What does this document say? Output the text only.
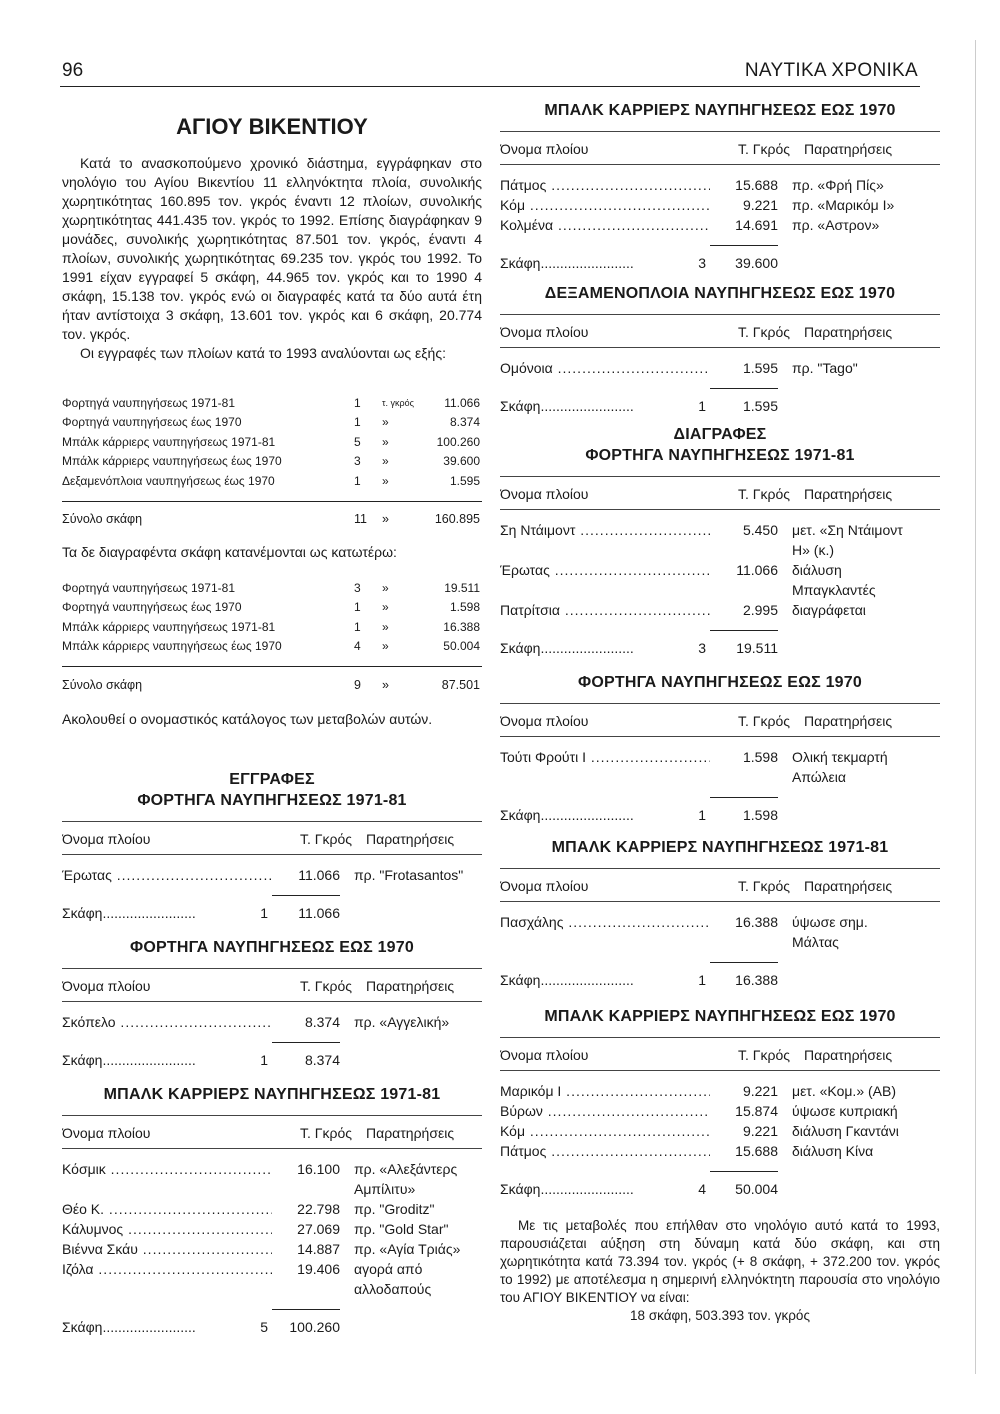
96	ΝΑΥΤΙΚΑ ΧΡΟΝΙΚΑ
ΑΓΙΟΥ ΒΙΚΕΝΤΙΟΥ

Κατά το ανασκοπούμενο χρονικό διάστημα, εγγράφηκαν στο νηολόγιο του Αγίου Βικεντίου 11 ελληνόκτητα πλοία, συνολικής χωρητικότητας 160.895 τον. γκρός έναντι 12 πλοίων, συνολικής χωρητικότητας 441.435 τον. γκρός το 1992. Επίσης διαγράφηκαν 9 μονάδες, συνολικής χωρητικότητας 87.501 τον. γκρός, έναντι 4 πλοίων, συνολικής χωρητικότητας 69.235 τον. γκρός του 1992. Το 1991 είχαν εγγραφεί 5 σκάφη, 44.965 τον. γκρός και το 1990 4 σκάφη, 15.138 τον. γκρός ενώ οι διαγραφές κατά τα δύο αυτά έτη ήταν αντίστοιχα 3 σκάφη, 13.601 τον. γκρός και 6 σκάφη, 20.774 τον. γκρός.

Οι εγγραφές των πλοίων κατά το 1993 αναλύονται ως εξής:

Φορτηγά ναυπηγήσεως 1971-81	1	τ. γκρός	11.066
Φορτηγά ναυπηγήσεως έως 1970	1	»	8.374
Μπάλκ κάρριερς ναυπηγήσεως 1971-81	5	»	100.260
Μπάλκ κάρριερς ναυπηγήσεως έως 1970	3	»	39.600
Δεξαμενόπλοια ναυπηγήσεως έως 1970	1	»	1.595
Σύνολο σκάφη	11	»	160.895

Τα δε διαγραφέντα σκάφη κατανέμονται ως κατωτέρω:

Φορτηγά ναυπηγήσεως 1971-81	3	»	19.511
Φορτηγά ναυπηγήσεως έως 1970	1	»	1.598
Μπάλκ κάρριερς ναυπηγήσεως 1971-81	1	»	16.388
Μπάλκ κάρριερς ναυπηγήσεως έως 1970	4	»	50.004
Σύνολο σκάφη	9	»	87.501

Ακολουθεί ο ονομαστικός κατάλογος των μεταβολών αυτών.

ΕΓΓΡΑΦΕΣ
ΦΟΡΤΗΓΑ ΝΑΥΠΗΓΗΣΕΩΣ 1971-81
Όνομα πλοίου	Τ. Γκρός	Παρατηρήσεις
Έρωτας .....	11.066	πρ. "Frotasantos"
Σκάφη ........................	1	11.066
ΦΟΡΤΗΓΑ ΝΑΥΠΗΓΗΣΕΩΣ ΕΩΣ 1970
Όνομα πλοίου	Τ. Γκρός	Παρατηρήσεις
Σκόπελο .....	8.374	πρ. «Αγγελική»
Σκάφη ........................	1	8.374
ΜΠΑΛΚ ΚΑΡΡΙΕΡΣ ΝΑΥΠΗΓΗΣΕΩΣ 1971-81
Όνομα πλοίου	Τ. Γκρός	Παρατηρήσεις
Κόσμικ .....	16.100	πρ. «Αλεξάντερς
Αμπίλιτυ»
Θέο Κ. .....	22.798	πρ. "Groditz"
Κάλυμνος .....	27.069	πρ. "Gold Star"
Βιέννα Σκάυ .....	14.887	πρ. «Αγία Τριάς»
Ιζόλα .....	19.406	αγορά από
αλλοδαπούς
Σκάφη ........................	5	100.260
ΜΠΑΛΚ ΚΑΡΡΙΕΡΣ ΝΑΥΠΗΓΗΣΕΩΣ ΕΩΣ 1970
Όνομα πλοίου	Τ. Γκρός	Παρατηρήσεις
Πάτμος .....	15.688	πρ. «Φρή Πίς»
Κόμ .....	9.221	πρ. «Μαρικόμ Ι»
Κολμένα .....	14.691	πρ. «Αστρον»
Σκάφη ........................	3	39.600
ΔΕΞΑΜΕΝΟΠΛΟΙΑ ΝΑΥΠΗΓΗΣΕΩΣ ΕΩΣ 1970
Όνομα πλοίου	Τ. Γκρός	Παρατηρήσεις
Ομόνοια .....	1.595	πρ. "Tago"
Σκάφη ........................	1	1.595
ΔΙΑΓΡΑΦΕΣ
ΦΟΡΤΗΓΑ ΝΑΥΠΗΓΗΣΕΩΣ 1971-81
Όνομα πλοίου	Τ. Γκρός	Παρατηρήσεις
Ση Ντάιμοντ .....	5.450	μετ. «Ση Ντάιμοντ
Η» (κ.)
Έρωτας .....	11.066	διάλυση
Μπαγκλαντές
Πατρίτσια .....	2.995	διαγράφεται
Σκάφη ........................	3	19.511
ΦΟΡΤΗΓΑ ΝΑΥΠΗΓΗΣΕΩΣ ΕΩΣ 1970
Όνομα πλοίου	Τ. Γκρός	Παρατηρήσεις
Τούτι Φρούτι Ι .....	1.598	Ολική τεκμαρτή
Απώλεια
Σκάφη ........................	1	1.598
ΜΠΑΛΚ ΚΑΡΡΙΕΡΣ ΝΑΥΠΗΓΗΣΕΩΣ 1971-81
Όνομα πλοίου	Τ. Γκρός	Παρατηρήσεις
Πασχάλης .....	16.388	ύψωσε σημ.
Μάλτας
Σκάφη ........................	1	16.388
ΜΠΑΛΚ ΚΑΡΡΙΕΡΣ ΝΑΥΠΗΓΗΣΕΩΣ ΕΩΣ 1970
Όνομα πλοίου	Τ. Γκρός	Παρατηρήσεις
Μαρικόμ Ι .....	9.221	μετ. «Κομ.» (ΑΒ)
Βύρων .....	15.874	ύψωσε κυπριακή
Κόμ .....	9.221	διάλυση Γκαντάνι
Πάτμος .....	15.688	διάλυση Κίνα
Σκάφη ........................	4	50.004

Με τις μεταβολές που επήλθαν στο νηολόγιο αυτό κατά το 1993, παρουσιάζεται αύξηση στη δύναμη κατά δύο σκάφη, και στη χωρητικότητα κατά 73.394 τον. γκρός (+ 8 σκάφη, + 372.200 τον. γκρός το 1992) με αποτέλεσμα η σημερινή ελληνόκτητη παρουσία στο νηολόγιο του ΑΓΙΟΥ ΒΙΚΕΝΤΙΟΥ να είναι:

18 σκάφη, 503.393 τον. γκρός
